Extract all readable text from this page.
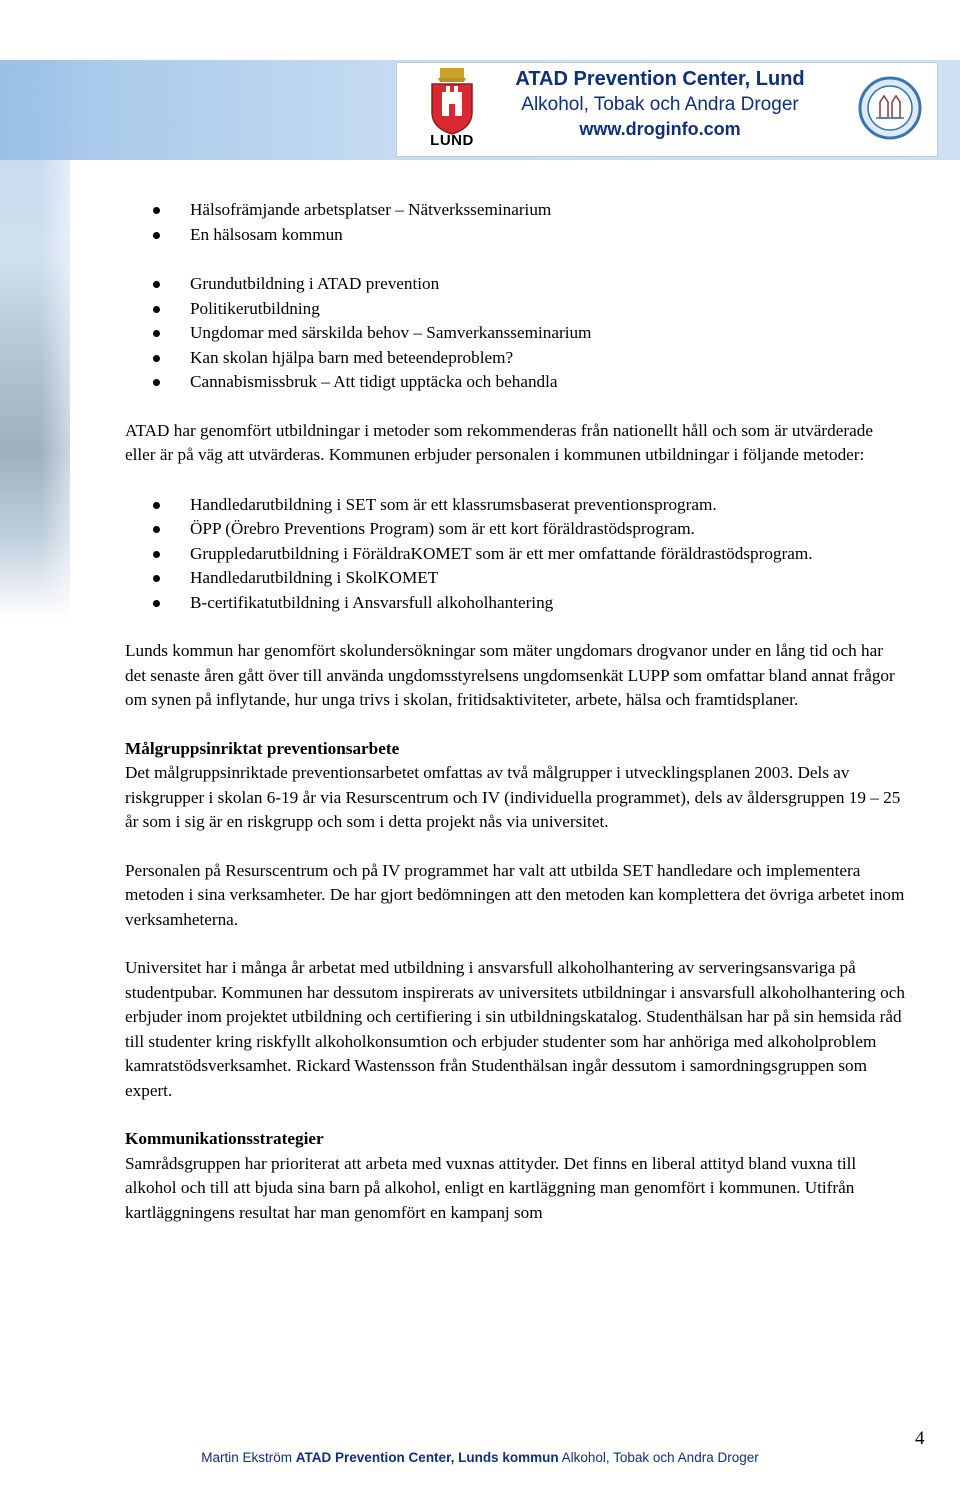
LUND
ATAD Prevention Center, Lund
Alkohol, Tobak och Andra Droger
www.droginfo.com
Hälsofrämjande arbetsplatser – Nätverksseminarium
En hälsosam kommun
Grundutbildning i ATAD prevention
Politikerutbildning
Ungdomar med särskilda behov – Samverkansseminarium
Kan skolan hjälpa barn med beteendeproblem?
Cannabismissbruk – Att tidigt upptäcka och behandla

ATAD har genomfört utbildningar i metoder som rekommenderas från nationellt håll och som är utvärderade eller är på väg att utvärderas. Kommunen erbjuder personalen i kommunen utbildningar i följande metoder:

Handledarutbildning i SET som är ett klassrumsbaserat preventionsprogram.
ÖPP (Örebro Preventions Program) som är ett kort föräldrastödsprogram.
Gruppledarutbildning i FöräldraKOMET som är ett mer omfattande föräldrastödsprogram.
Handledarutbildning i SkolKOMET
B-certifikatutbildning i Ansvarsfull alkoholhantering

Lunds kommun har genomfört skolundersökningar som mäter ungdomars drogvanor under en lång tid och har det senaste åren gått över till använda ungdomsstyrelsens ungdomsenkät LUPP som omfattar bland annat frågor om synen på inflytande, hur unga trivs i skolan, fritidsaktiviteter, arbete, hälsa och framtidsplaner.

Målgruppsinriktat preventionsarbete

Det målgruppsinriktade preventionsarbetet omfattas av två målgrupper i utvecklingsplanen 2003. Dels av riskgrupper i skolan 6-19 år via Resurscentrum och IV (individuella programmet), dels av åldersgruppen 19 – 25 år som i sig är en riskgrupp och som i detta projekt nås via universitet.

Personalen på Resurscentrum och på IV programmet har valt att utbilda SET handledare och implementera metoden i sina verksamheter. De har gjort bedömningen att den metoden kan komplettera det övriga arbetet inom verksamheterna.

Universitet har i många år arbetat med utbildning i ansvarsfull alkoholhantering av serveringsansvariga på studentpubar. Kommunen har dessutom inspirerats av universitets utbildningar i ansvarsfull alkoholhantering och erbjuder inom projektet utbildning och certifiering i sin utbildningskatalog. Studenthälsan har på sin hemsida råd till studenter kring riskfyllt alkoholkonsumtion och erbjuder studenter som har anhöriga med alkoholproblem kamratstödsverksamhet. Rickard Wastensson från Studenthälsan ingår dessutom i samordningsgruppen som expert.

Kommunikationsstrategier

Samrådsgruppen har prioriterat att arbeta med vuxnas attityder. Det finns en liberal attityd bland vuxna till alkohol och till att bjuda sina barn på alkohol, enligt en kartläggning man genomfört i kommunen. Utifrån kartläggningens resultat har man genomfört en kampanj som

4
Martin Ekström ATAD Prevention Center, Lunds kommun Alkohol, Tobak och Andra Droger
